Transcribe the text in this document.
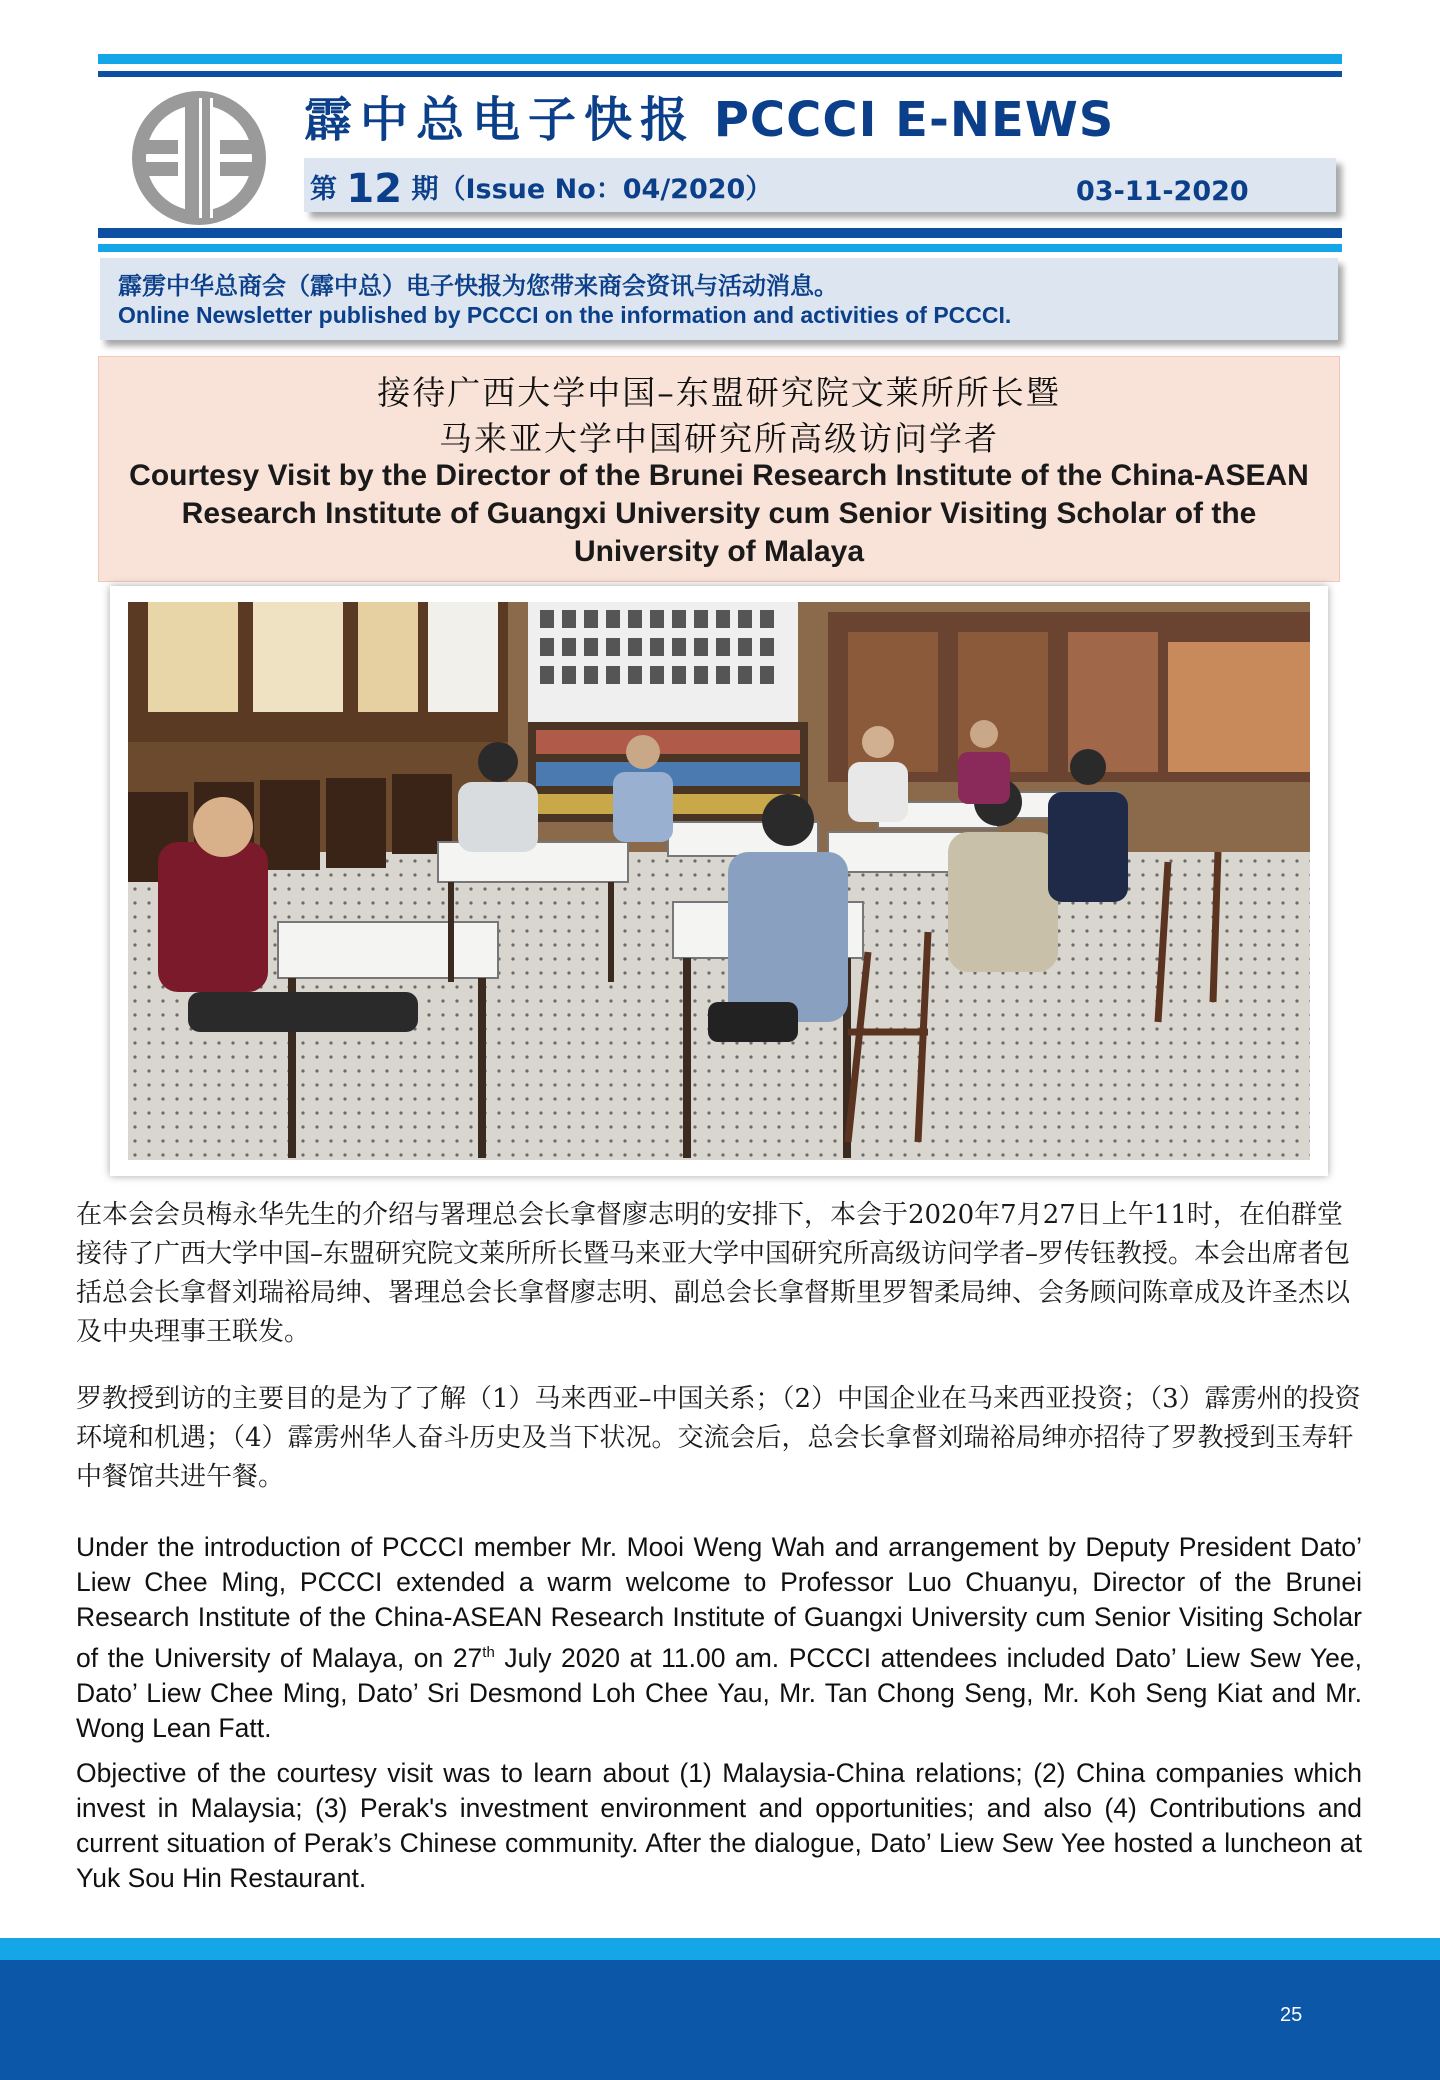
霹中总电子快报 PCCCI E-NEWS
第 12 期（Issue No：04/2020）	03-11-2020
霹雳中华总商会（霹中总）电子快报为您带来商会资讯与活动消息。
Online Newsletter published by PCCCI on the information and activities of PCCCI.
接待广西大学中国–东盟研究院文莱所所长暨
马来亚大学中国研究所高级访问学者
Courtesy Visit by the Director of the Brunei Research Institute of the China-ASEAN Research Institute of Guangxi University cum Senior Visiting Scholar of the University of Malaya

在本会会员梅永华先生的介绍与署理总会长拿督廖志明的安排下，本会于2020年7月27日上午11时，在伯群堂接待了广西大学中国–东盟研究院文莱所所长暨马来亚大学中国研究所高级访问学者–罗传钰教授。本会出席者包括总会长拿督刘瑞裕局绅、署理总会长拿督廖志明、副总会长拿督斯里罗智柔局绅、会务顾问陈章成及许圣杰以及中央理事王联发。

罗教授到访的主要目的是为了了解（1）马来西亚–中国关系；（2）中国企业在马来西亚投资；（3）霹雳州的投资环境和机遇；（4）霹雳州华人奋斗历史及当下状况。交流会后，总会长拿督刘瑞裕局绅亦招待了罗教授到玉寿轩中餐馆共进午餐。

Under the introduction of PCCCI member Mr. Mooi Weng Wah and arrangement by Deputy President Dato’ Liew Chee Ming, PCCCI extended a warm welcome to Professor Luo Chuanyu, Director of the Brunei Research Institute of the China-ASEAN Research Institute of Guangxi University cum Senior Visiting Scholar of the University of Malaya, on 27th July 2020 at 11.00 am. PCCCI attendees included Dato’ Liew Sew Yee, Dato’ Liew Chee Ming, Dato’ Sri Desmond Loh Chee Yau, Mr. Tan Chong Seng, Mr. Koh Seng Kiat and Mr. Wong Lean Fatt.

Objective of the courtesy visit was to learn about (1) Malaysia-China relations; (2) China companies which invest in Malaysia; (3) Perak's investment environment and opportunities; and also (4) Contributions and current situation of Perak’s Chinese community. After the dialogue, Dato’ Liew Sew Yee hosted a luncheon at Yuk Sou Hin Restaurant.

25
